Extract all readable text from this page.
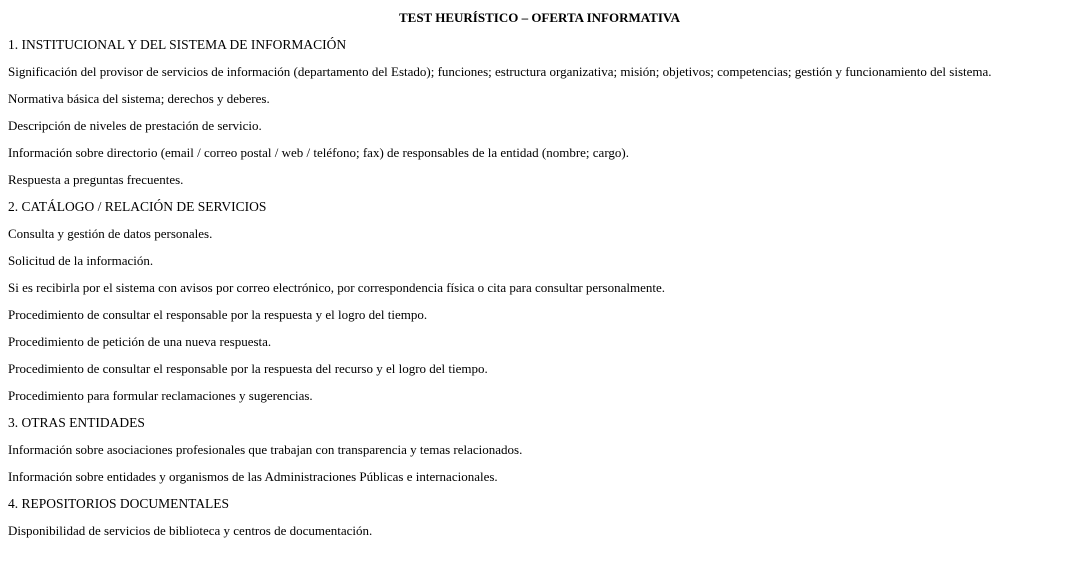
TEST HEURÍSTICO – OFERTA INFORMATIVA
1. INSTITUCIONAL Y DEL SISTEMA DE INFORMACIÓN
Significación del provisor de servicios de información (departamento del Estado); funciones; estructura organizativa; misión; objetivos; competencias; gestión y funcionamiento del sistema.
Normativa básica del sistema; derechos y deberes.
Descripción de niveles de prestación de servicio.
Información sobre directorio (email / correo postal / web / teléfono; fax) de responsables de la entidad (nombre; cargo).
Respuesta a preguntas frecuentes.
2. CATÁLOGO / RELACIÓN DE SERVICIOS
Consulta y gestión de datos personales.
Solicitud de la información.
Si es recibirla por el sistema con avisos por correo electrónico, por correspondencia física o cita para consultar personalmente.
Procedimiento de consultar el responsable por la respuesta y el logro del tiempo.
Procedimiento de petición de una nueva respuesta.
Procedimiento de consultar el responsable por la respuesta del recurso y el logro del tiempo.
Procedimiento para formular reclamaciones y sugerencias.
3. OTRAS ENTIDADES
Información sobre asociaciones profesionales que trabajan con transparencia y temas relacionados.
Información sobre entidades y organismos de las Administraciones Públicas e internacionales.
4. REPOSITORIOS DOCUMENTALES
Disponibilidad de servicios de biblioteca y centros de documentación.
